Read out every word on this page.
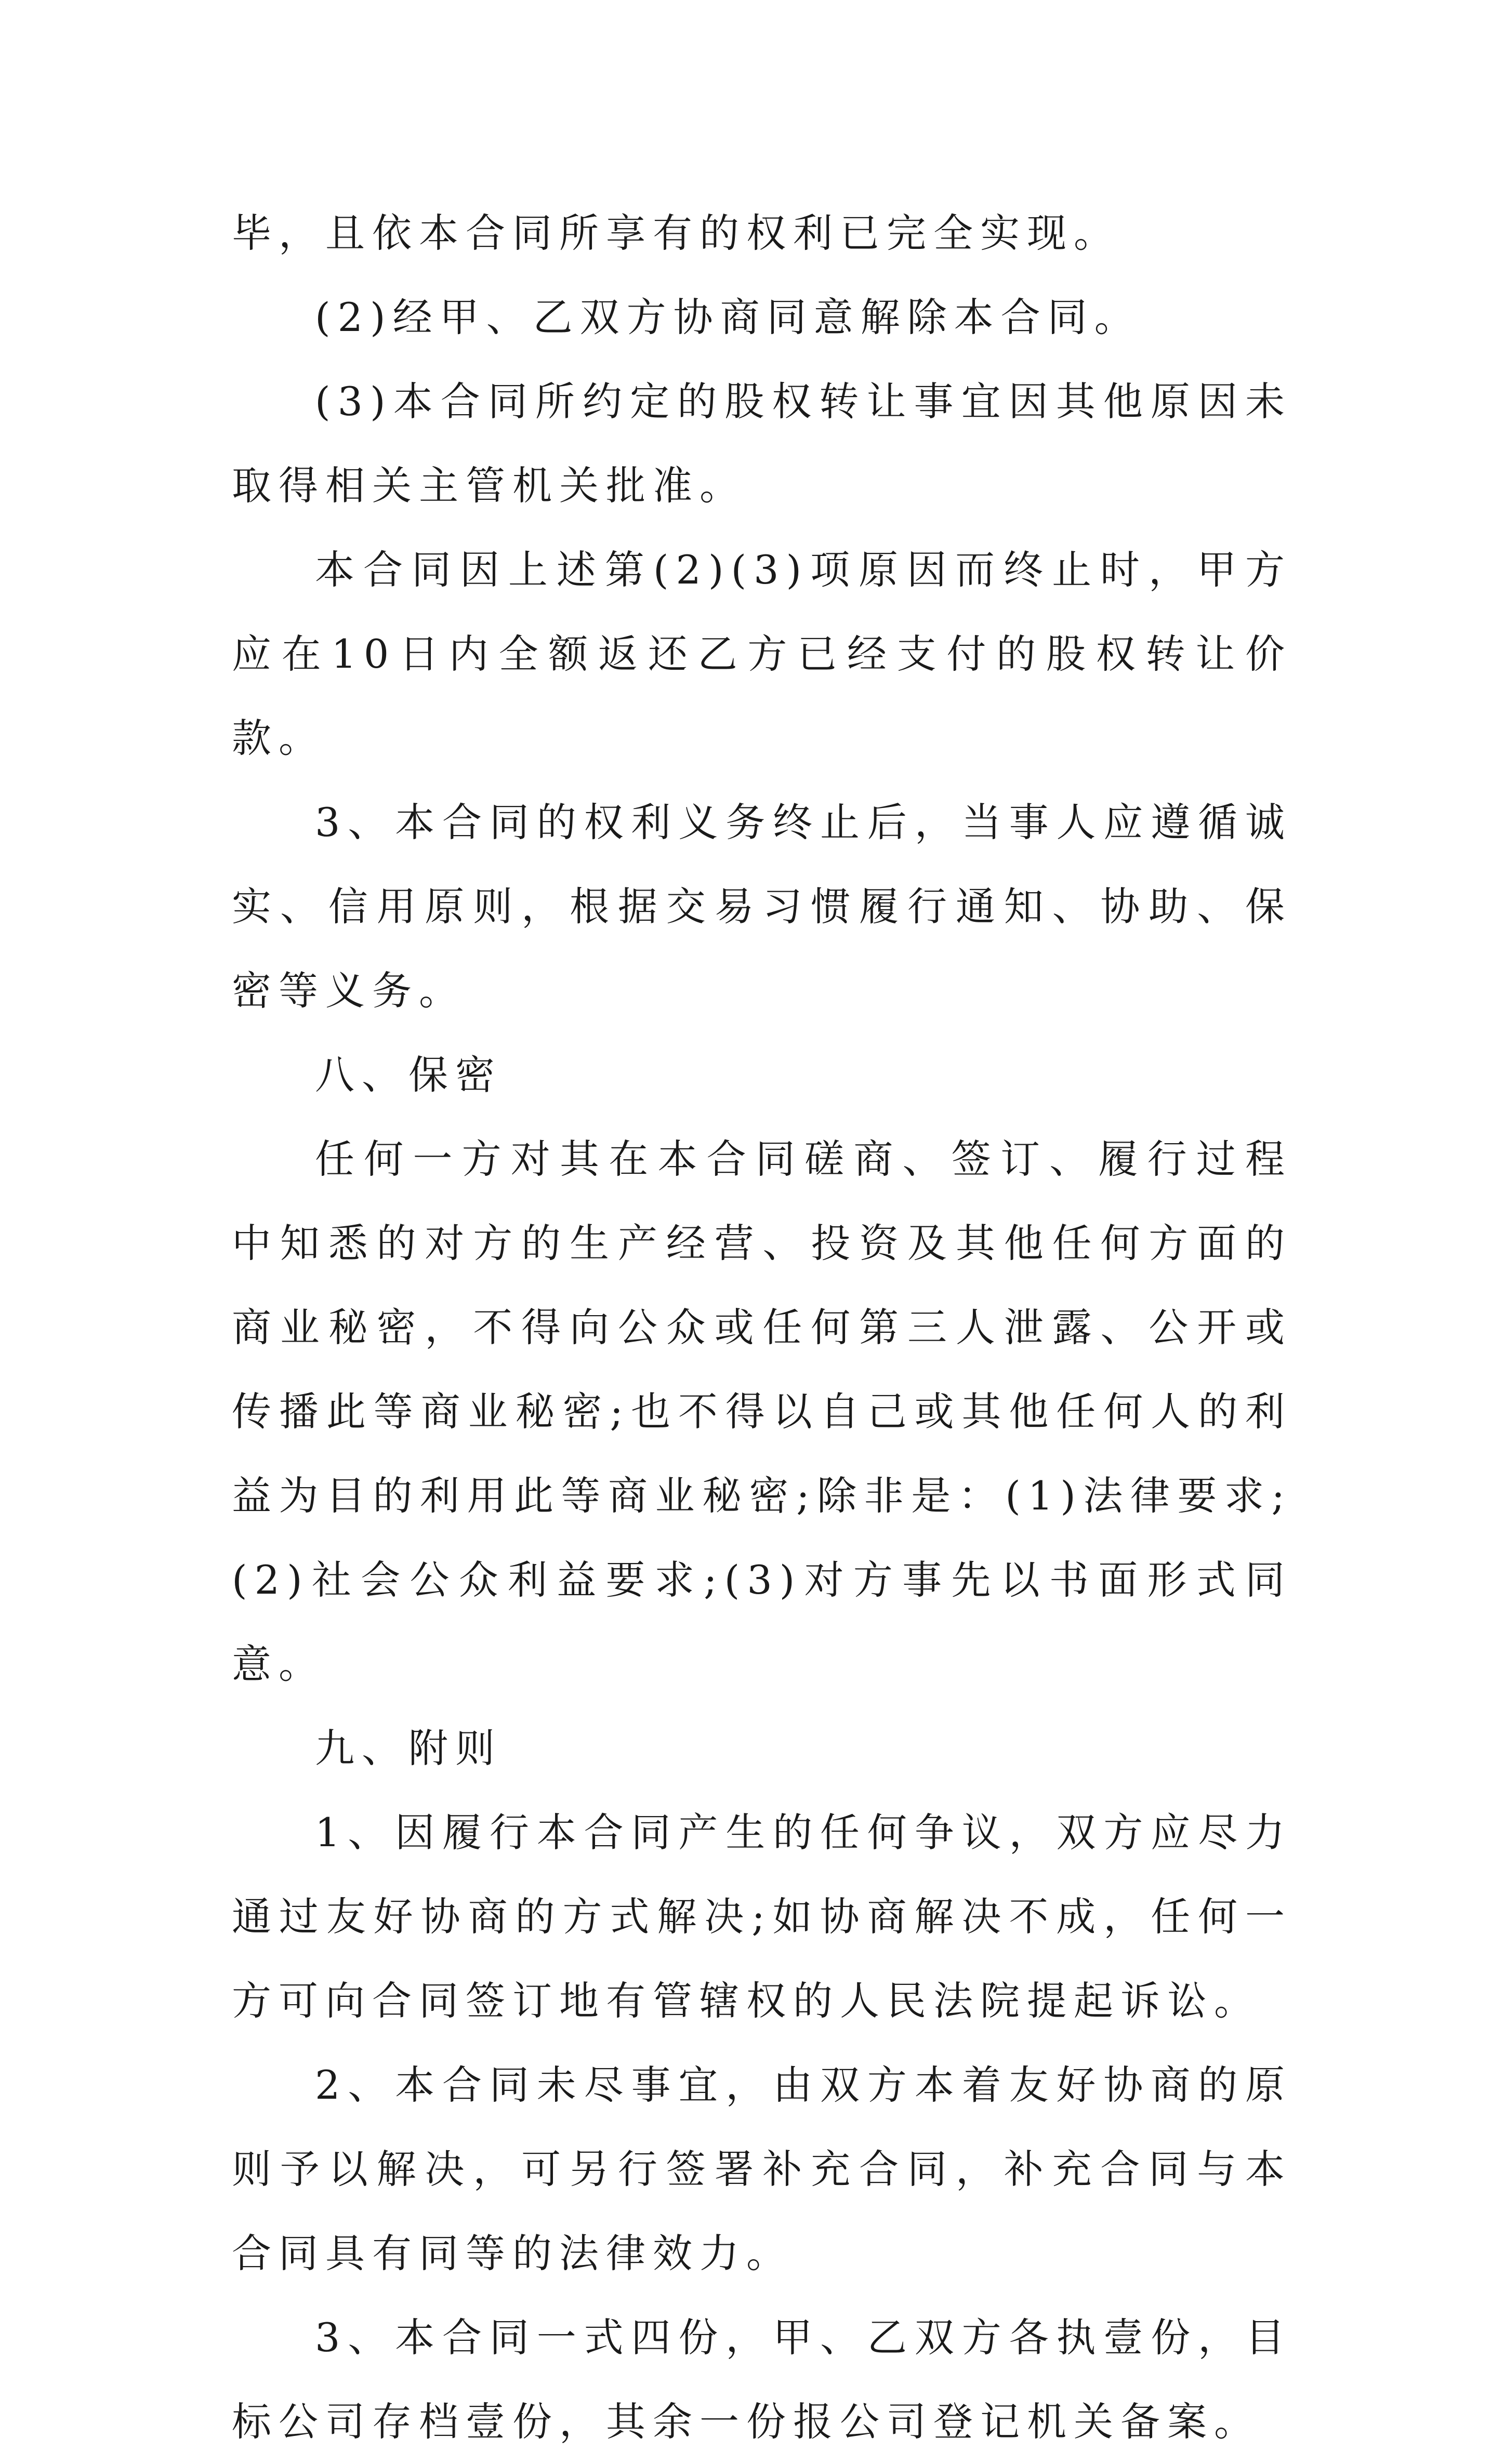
毕，且依本合同所享有的权利已完全实现。

(2)经甲、乙双方协商同意解除本合同。

(3)本合同所约定的股权转让事宜因其他原因未取得相关主管机关批准。

本合同因上述第(2)(3)项原因而终止时，甲方应在10日内全额返还乙方已经支付的股权转让价款。

3、本合同的权利义务终止后，当事人应遵循诚实、信用原则，根据交易习惯履行通知、协助、保密等义务。

八、保密

任何一方对其在本合同磋商、签订、履行过程中知悉的对方的生产经营、投资及其他任何方面的商业秘密，不得向公众或任何第三人泄露、公开或传播此等商业秘密;也不得以自己或其他任何人的利益为目的利用此等商业秘密;除非是：(1)法律要求;(2)社会公众利益要求;(3)对方事先以书面形式同意。

九、附则

1、因履行本合同产生的任何争议，双方应尽力通过友好协商的方式解决;如协商解决不成，任何一方可向合同签订地有管辖权的人民法院提起诉讼。

2、本合同未尽事宜，由双方本着友好协商的原则予以解决，可另行签署补充合同，补充合同与本合同具有同等的法律效力。

3、本合同一式四份，甲、乙双方各执壹份，目标公司存档壹份，其余一份报公司登记机关备案。
